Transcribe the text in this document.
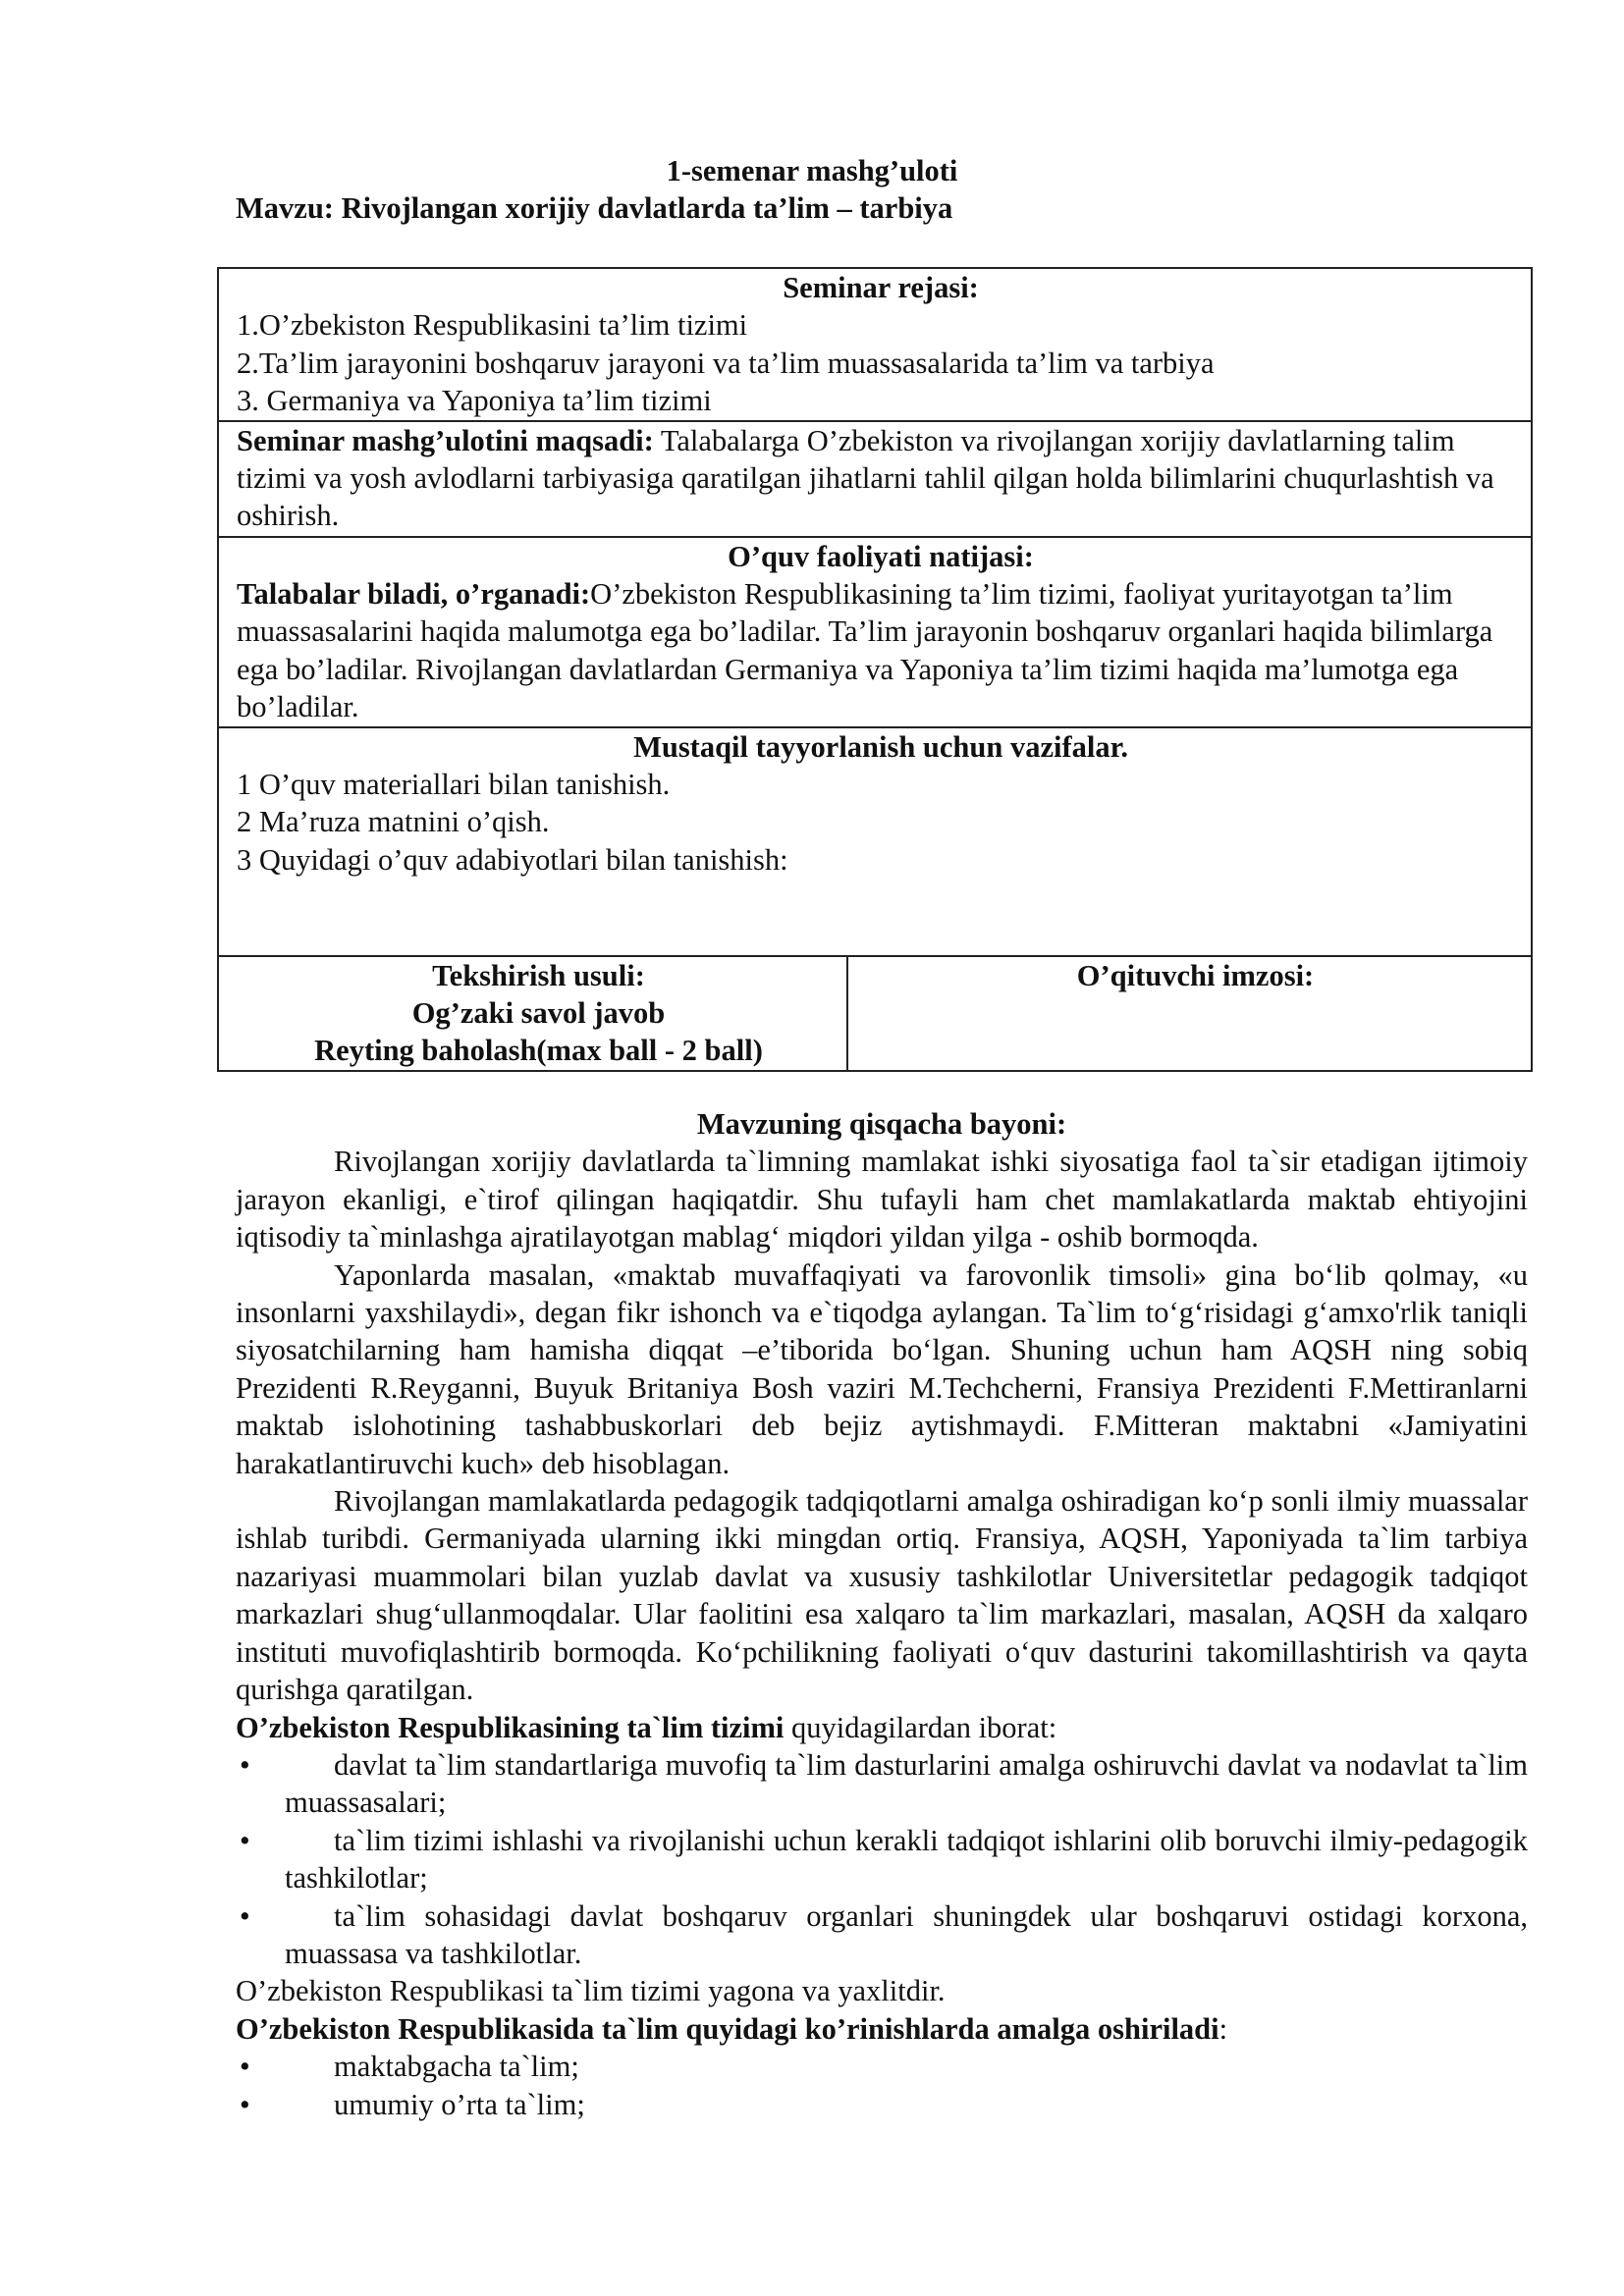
1-semenar mashg’uloti
Mavzu: Rivojlangan xorijiy davlatlarda ta’lim – tarbiya
Seminar rejasi:
1.O’zbekiston Respublikasini ta’lim tizimi
2.Ta’lim jarayonini boshqaruv jarayoni va ta’lim muassasalarida ta’lim va tarbiya
3. Germaniya va Yaponiya ta’lim tizimi

Seminar mashg’ulotini maqsadi: Talabalarga O’zbekiston va rivojlangan xorijiy davlatlarning talim tizimi va yosh avlodlarni tarbiyasiga qaratilgan jihatlarni tahlil qilgan holda bilimlarini chuqurlashtish va oshirish.

O’quv faoliyati natijasi:
Talabalar biladi, o’rganadi:O’zbekiston Respublikasining ta’lim tizimi, faoliyat yuritayotgan ta’lim muassasalarini haqida malumotga ega bo’ladilar. Ta’lim jarayonin boshqaruv organlari haqida bilimlarga ega bo’ladilar. Rivojlangan davlatlardan Germaniya va Yaponiya ta’lim tizimi haqida ma’lumotga ega bo’ladilar.

Mustaqil tayyorlanish uchun vazifalar.
1 O’quv materiallari bilan tanishish.
2 Ma’ruza matnini o’qish.
3 Quyidagi o’quv adabiyotlari bilan tanishish:

Tekshirish usuli:
Og’zaki savol javob
Reyting baholash(max ball - 2 ball)

O’qituvchi imzosi:
Mavzuning qisqacha bayoni:

Rivojlangan xorijiy davlatlarda ta`limning mamlakat ishki siyosatiga faol ta`sir etadigan ijtimoiy jarayon ekanligi, e`tirof qilingan haqiqatdir. Shu tufayli ham chet mamlakatlarda maktab ehtiyojini iqtisodiy ta`minlashga ajratilayotgan mablag‘ miqdori yildan yilga - oshib bormoqda.

Yaponlarda masalan, «maktab muvaffaqiyati va farovonlik timsoli» gina bo‘lib qolmay, «u insonlarni yaxshilaydi», degan fikr ishonch va e`tiqodga aylangan. Ta`lim to‘g‘risidagi g‘amxo'rlik taniqli siyosatchilarning ham hamisha diqqat –e’tiborida bo‘lgan. Shuning uchun ham AQSH ning sobiq Prezidenti R.Reyganni, Buyuk Britaniya Bosh vaziri M.Techcherni, Fransiya Prezidenti F.Mettiranlarni maktab islohotining tashabbuskorlari deb bejiz aytishmaydi. F.Mitteran maktabni «Jamiyatini harakatlantiruvchi kuch» deb hisoblagan.

Rivojlangan mamlakatlarda pedagogik tadqiqotlarni amalga oshiradigan ko‘p sonli ilmiy muassalar ishlab turibdi. Germaniyada ularning ikki mingdan ortiq. Fransiya, AQSH, Yaponiyada ta`lim tarbiya nazariyasi muammolari bilan yuzlab davlat va xususiy tashkilotlar Universitetlar pedagogik tadqiqot markazlari shug‘ullanmoqdalar. Ular faolitini esa xalqaro ta`lim markazlari, masalan, AQSH da xalqaro instituti muvofiqlashtirib bormoqda. Ko‘pchilikning faoliyati o‘quv dasturini takomillashtirish va qayta qurishga qaratilgan.

O’zbekiston Respublikasining ta`lim tizimi quyidagilardan iborat:

•	davlat ta`lim standartlariga muvofiq ta`lim dasturlarini amalga oshiruvchi davlat va nodavlat ta`lim muassasalari;
•	ta`lim tizimi ishlashi va rivojlanishi uchun kerakli tadqiqot ishlarini olib boruvchi ilmiy-pedagogik tashkilotlar;
•	ta`lim sohasidagi davlat boshqaruv organlari shuningdek ular boshqaruvi ostidagi korxona, muassasa va tashkilotlar.

O’zbekiston Respublikasi ta`lim tizimi yagona va yaxlitdir.

O’zbekiston Respublikasida ta`lim quyidagi ko’rinishlarda amalga oshiriladi:

•	maktabgacha ta`lim;
•	umumiy o’rta ta`lim;
